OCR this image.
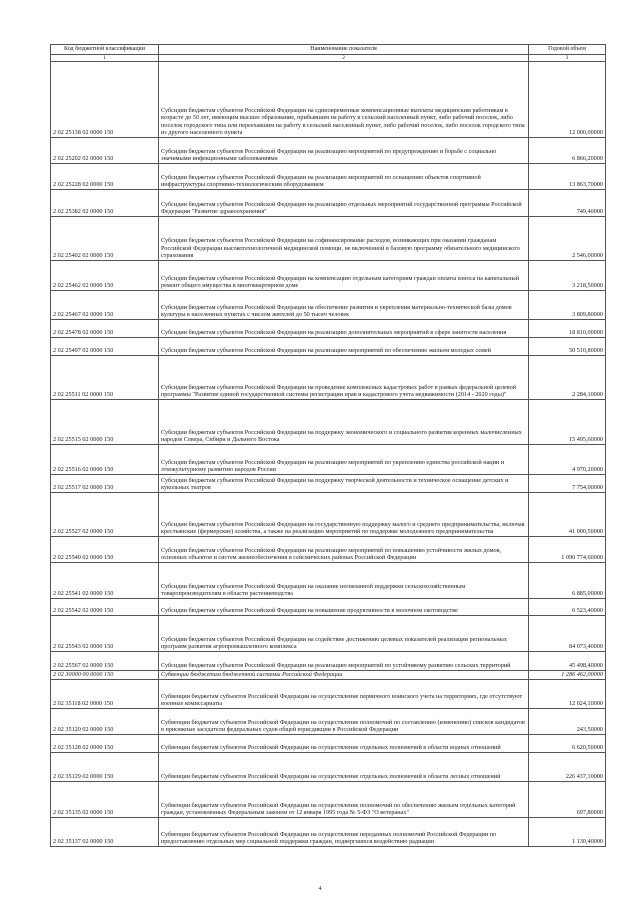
Код бюджетной классификации	Наименование показателя	Годовой объем
1	2	3
2 02 25138 02 0000 150	Субсидии бюджетам субъектов Российской Федерации на единовременные компенсационные выплаты медицинским работникам в возрасте до 50 лет, имеющим высшее образование, прибывшим на работу в сельский населенный пункт, либо рабочий поселок, либо поселок городского типа или переехавшим на работу в сельский населенный пункт, либо рабочий поселок, либо поселок городского типа из другого населенного пункта	12 000,00000
2 02 25202 02 0000 150	Субсидии бюджетам субъектов Российской Федерации на реализацию мероприятий по предупреждению и борьбе с социально значимыми инфекционными заболеваниями	6 866,20000
2 02 25228 02 0000 150	Субсидии бюджетам субъектов Российской Федерации на реализацию мероприятий по оснащению объектов спортивной инфраструктуры спортивно-технологическим оборудованием	13 863,70000
2 02 25382 02 0000 150	Субсидии бюджетам субъектов Российской Федерации на реализацию отдельных мероприятий государственной программы Российской Федерации "Развитие здравоохранения"	749,40000
2 02 25402 02 0000 150	Субсидии бюджетам субъектов Российской Федерации на софинансирование расходов, возникающих при оказании гражданам Российской Федерации высокотехнологичной медицинской помощи, не включенной в базовую программу обязательного медицинского страхования	2 546,00000
2 02 25462 02 0000 150	Субсидии бюджетам субъектов Российской Федерации на компенсацию отдельным категориям граждан оплаты взноса на капитальный ремонт общего имущества в многоквартирном доме	3 218,50000
2 02 25467 02 0000 150	Субсидии бюджетам субъектов Российской Федерации на обеспечение развития и укрепления материально-технической базы домов культуры в населенных пунктах с числом жителей до 50 тысяч человек	3 809,80000
2 02 25478 02 0000 150	Субсидии бюджетам субъектов Российской Федерации на реализацию дополнительных мероприятий в сфере занятости населения	18 810,00000
2 02 25497 02 0000 150	Субсидии бюджетам субъектов Российской Федерации на реализацию мероприятий по обеспечению жильем молодых семей	50 510,80000
2 02 25511 02 0000 150	Субсидии бюджетам субъектов Российской Федерации на проведение комплексных кадастровых работ в рамках федеральной целевой программы "Развитие единой государственной системы регистрации прав и кадастрового учета недвижимости (2014 - 2020 годы)"	2 284,10000
2 02 25515 02 0000 150	Субсидии бюджетам субъектов Российской Федерации на поддержку экономического и социального развития коренных малочисленных народов Севера, Сибири и Дальнего Востока	15 495,60000
2 02 25516 02 0000 150	Субсидии бюджетам субъектов Российской Федерации на реализацию мероприятий по укреплению единства российской нации и этнокультурному развитию народов России	4 970,20000
2 02 25517 02 0000 150	Субсидии бюджетам субъектов Российской Федерации на поддержку творческой деятельности и техническое оснащение детских и кукольных театров	7 754,00000
2 02 25527 02 0000 150	Субсидии бюджетам субъектов Российской Федерации на государственную поддержку малого и среднего предпринимательства, включая крестьянские (фермерские) хозяйства, а также на реализацию мероприятий по поддержке молодежного предпринимательства	41 000,50000
2 02 25540 02 0000 150	Субсидии бюджетам субъектов Российской Федерации на реализацию мероприятий по повышению устойчивости жилых домов, основных объектов и систем жизнеобеспечения в сейсмических районах Российской Федерации	1 090 774,60000
2 02 25541 02 0000 150	Субсидии бюджетам субъектов Российской Федерации на оказание несвязанной поддержки сельскохозяйственным товаропроизводителям в области растениеводства	6 885,00000
2 02 25542 02 0000 150	Субсидии бюджетам субъектов Российской Федерации на повышение продуктивности в молочном скотоводстве	6 523,40000
2 02 25543 02 0000 150	Субсидии бюджетам субъектов Российской Федерации на содействие достижению целевых показателей реализации региональных программ развития агропромышленного комплекса	84 073,40000
2 02 25567 02 0000 150	Субсидии бюджетам субъектов Российской Федерации на реализацию мероприятий по устойчивому развитию сельских территорий	45 498,40000
2 02 30000 00 0000 150	Субвенции бюджетам бюджетной системы Российской Федерации	1 286 462,00000
2 02 35118 02 0000 150	Субвенции бюджетам субъектов Российской Федерации на осуществление первичного воинского учета на территориях, где отсутствуют военные комиссариаты	12 024,10000
2 02 35120 02 0000 150	Субвенции бюджетам субъектов Российской Федерации на осуществление полномочий по составлению (изменению) списков кандидатов в присяжные заседатели федеральных судов общей юрисдикции в Российской Федерации	243,50000
2 02 35128 02 0000 150	Субвенции бюджетам субъектов Российской Федерации на осуществление отдельных полномочий в области водных отношений	6 620,50000
2 02 35129 02 0000 150	Субвенции бюджетам субъектов Российской Федерации на осуществление отдельных полномочий в области лесных отношений	226 437,10000
2 02 35135 02 0000 150	Субвенции бюджетам субъектов Российской Федерации на осуществление полномочий по обеспечению жильем отдельных категорий граждан, установленных Федеральным законом от 12 января 1995 года № 5-ФЗ "О ветеранах"	697,80000
2 02 35137 02 0000 150	Субвенции бюджетам субъектов Российской Федерации на осуществление переданных полномочий Российской Федерации по предоставлению отдельных мер социальной поддержки граждан, подвергшихся воздействию радиации	1 130,40000
4
